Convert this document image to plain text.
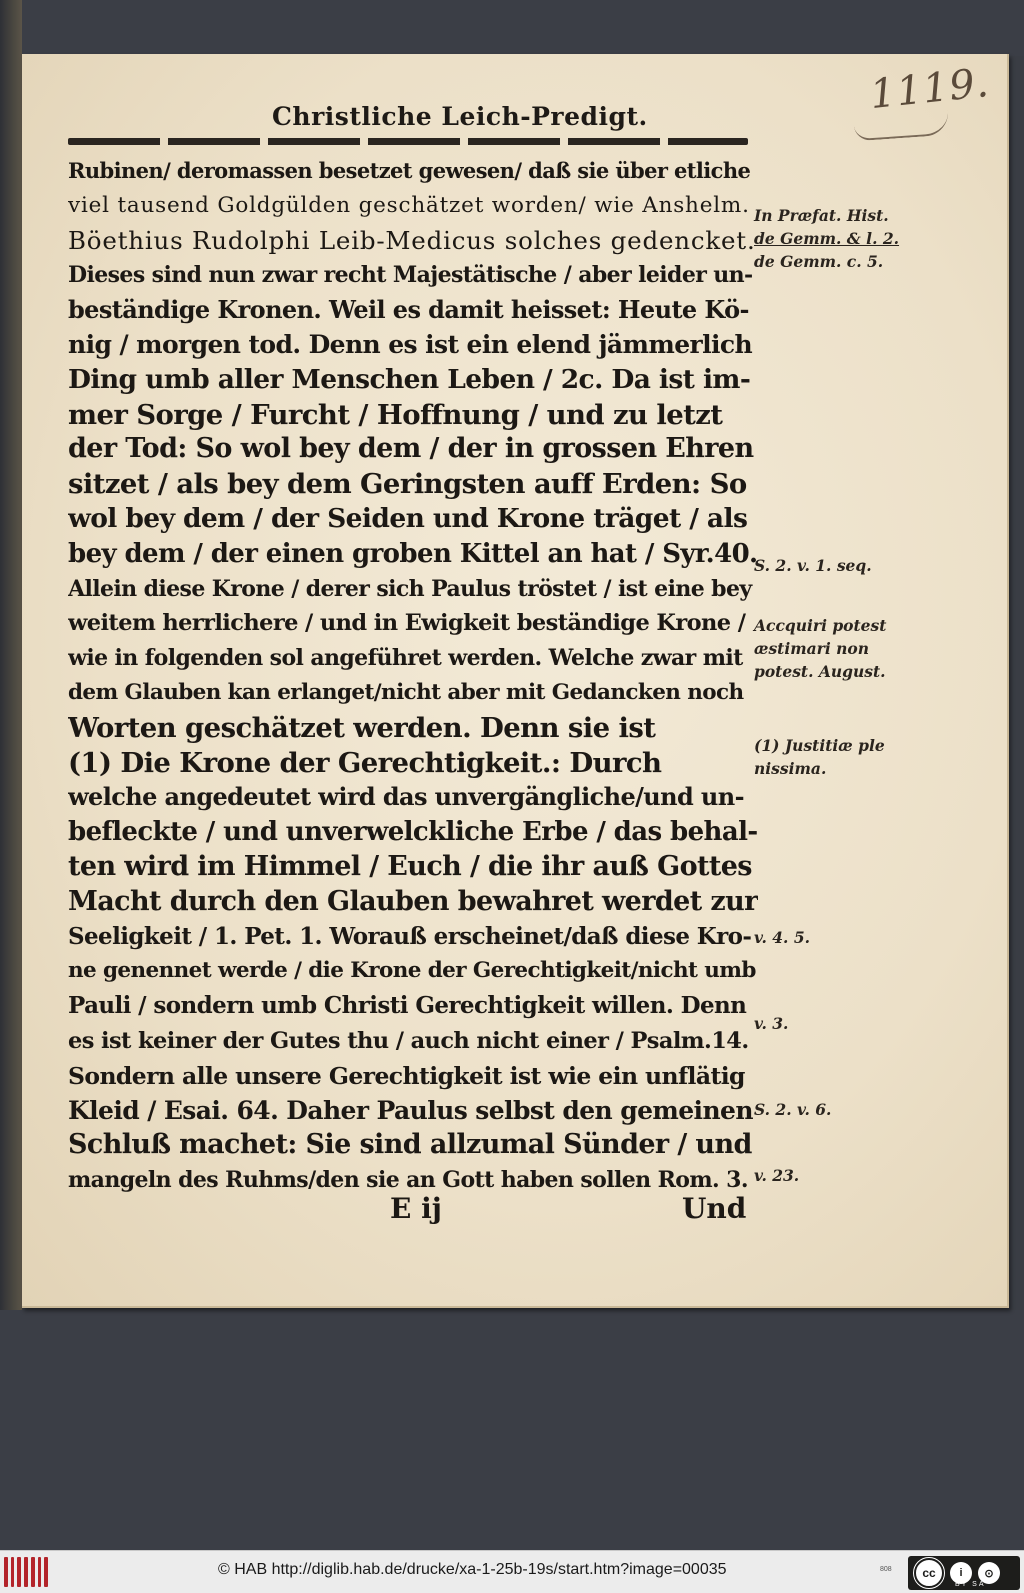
1119.
Christliche Leich-Predigt.
Rubinen/ deromassen besetzet gewesen/ daß sie über etliche
viel tausend Goldgülden geschätzet worden/ wie Anshelm.
Böethius Rudolphi Leib-Medicus solches gedencket.
Dieses sind nun zwar recht Majestätische / aber leider un-
beständige Kronen. Weil es damit heisset: Heute Kö-
nig / morgen tod. Denn es ist ein elend jämmerlich
Ding umb aller Menschen Leben / 2c. Da ist im-
mer Sorge / Furcht / Hoffnung / und zu letzt
der Tod: So wol bey dem / der in grossen Ehren
sitzet / als bey dem Geringsten auff Erden: So
wol bey dem / der Seiden und Krone träget / als
bey dem / der einen groben Kittel an hat / Syr.40.
Allein diese Krone / derer sich Paulus tröstet / ist eine bey
weitem herrlichere / und in Ewigkeit beständige Krone /
wie in folgenden sol angeführet werden. Welche zwar mit
dem Glauben kan erlanget/nicht aber mit Gedancken noch
Worten geschätzet werden. Denn sie ist
(1) Die Krone der Gerechtigkeit.: Durch
welche angedeutet wird das unvergängliche/und un-
befleckte / und unverwelckliche Erbe / das behal-
ten wird im Himmel / Euch / die ihr auß Gottes
Macht durch den Glauben bewahret werdet zur
Seeligkeit / 1. Pet. 1. Worauß erscheinet/daß diese Kro-
ne genennet werde / die Krone der Gerechtigkeit/nicht umb
Pauli / sondern umb Christi Gerechtigkeit willen. Denn
es ist keiner der Gutes thu / auch nicht einer / Psalm.14.
Sondern alle unsere Gerechtigkeit ist wie ein unflätig
Kleid / Esai. 64. Daher Paulus selbst den gemeinen
Schluß machet: Sie sind allzumal Sünder / und
mangeln des Ruhms/den sie an Gott haben sollen Rom. 3.
E ij	Und
In Præfat. Hist.
de Gemm. & l. 2.
de Gemm. c. 5.
S. 2. v. 1. seq.
Accquiri potest
æstimari non
potest. August.
(1) Justitiæ ple
nissima.
v. 4. 5.
v. 3.
S. 2. v. 6.
v. 23.
© HAB http://diglib.hab.de/drucke/xa-1-25b-19s/start.htm?image=00035	808	cc	i	⊙
BY SA
